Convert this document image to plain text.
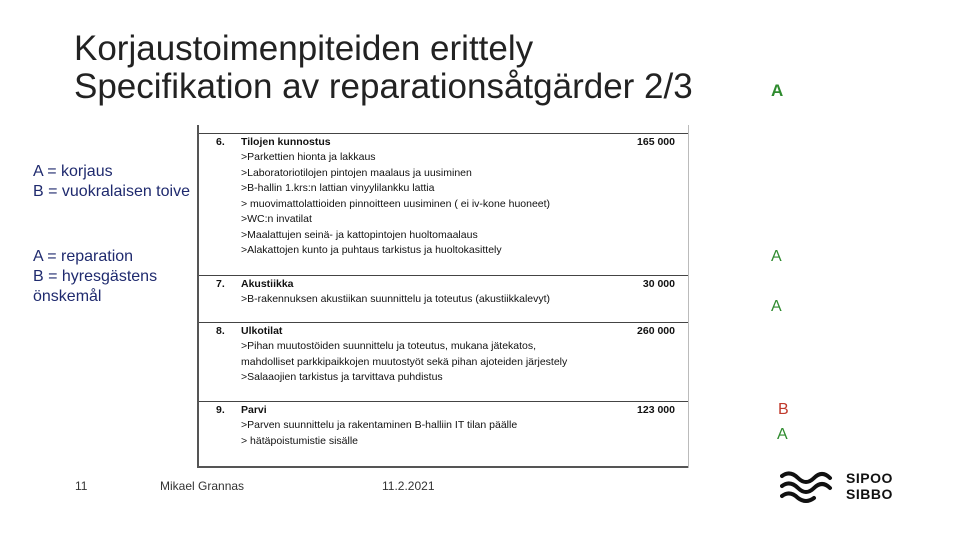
Korjaustoimenpiteiden erittely
Specifikation av reparationsåtgärder 2/3	A
A = korjaus
B = vuokralaisen toive
A = reparation
B = hyresgästens önskemål
6. Tilojen kunnostus	165 000
>Parkettien hionta ja lakkaus
>Laboratoriotilojen pintojen maalaus ja uusiminen
>B-hallin 1.krs:n lattian vinyylilankku lattia
> muovimattolattioiden pinnoitteen uusiminen ( ei iv-kone huoneet)
>WC:n invatilat
>Maalattujen seinä- ja kattopintojen huoltomaalaus
>Alakattojen kunto ja puhtaus tarkistus ja huoltokasittely
7. Akustiikka	30 000
>B-rakennuksen akustiikan suunnittelu ja toteutus (akustiikkalevyt)
8. Ulkotilat	260 000
>Pihan muutostöiden suunnittelu ja toteutus, mukana jätekatos,
mahdolliset parkkipaikkojen muutostyöt sekä pihan ajoteiden järjestely
>Salaaojien tarkistus ja tarvittava puhdistus
9. Parvi	123 000
>Parven suunnittelu ja rakentaminen B-halliin IT tilan päälle
> hätäpoistumistie sisälle
A
A
B
A
11	Mikael Grannas	11.2.2021	SIPOO
SIBBO
